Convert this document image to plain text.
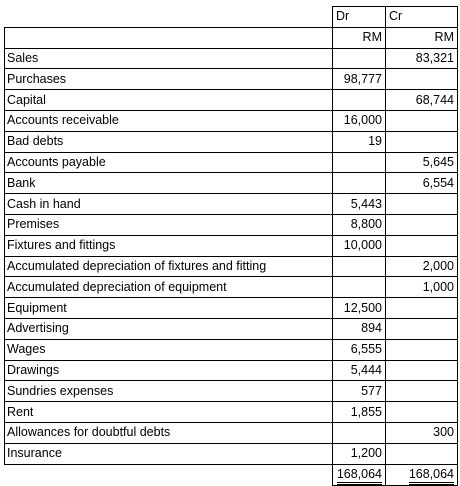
	Dr	Cr
	RM	RM
Sales		83,321
Purchases	98,777	
Capital		68,744
Accounts receivable	16,000	
Bad debts	19	
Accounts payable		5,645
Bank		6,554
Cash in hand	5,443	
Premises	8,800	
Fixtures and fittings	10,000	
Accumulated depreciation of fixtures and fitting		2,000
Accumulated depreciation of equipment		1,000
Equipment	12,500	
Advertising	894	
Wages	6,555	
Drawings	5,444	
Sundries expenses	577	
Rent	1,855	
Allowances for doubtful debts		300
Insurance	1,200	
	168,064	168,064
